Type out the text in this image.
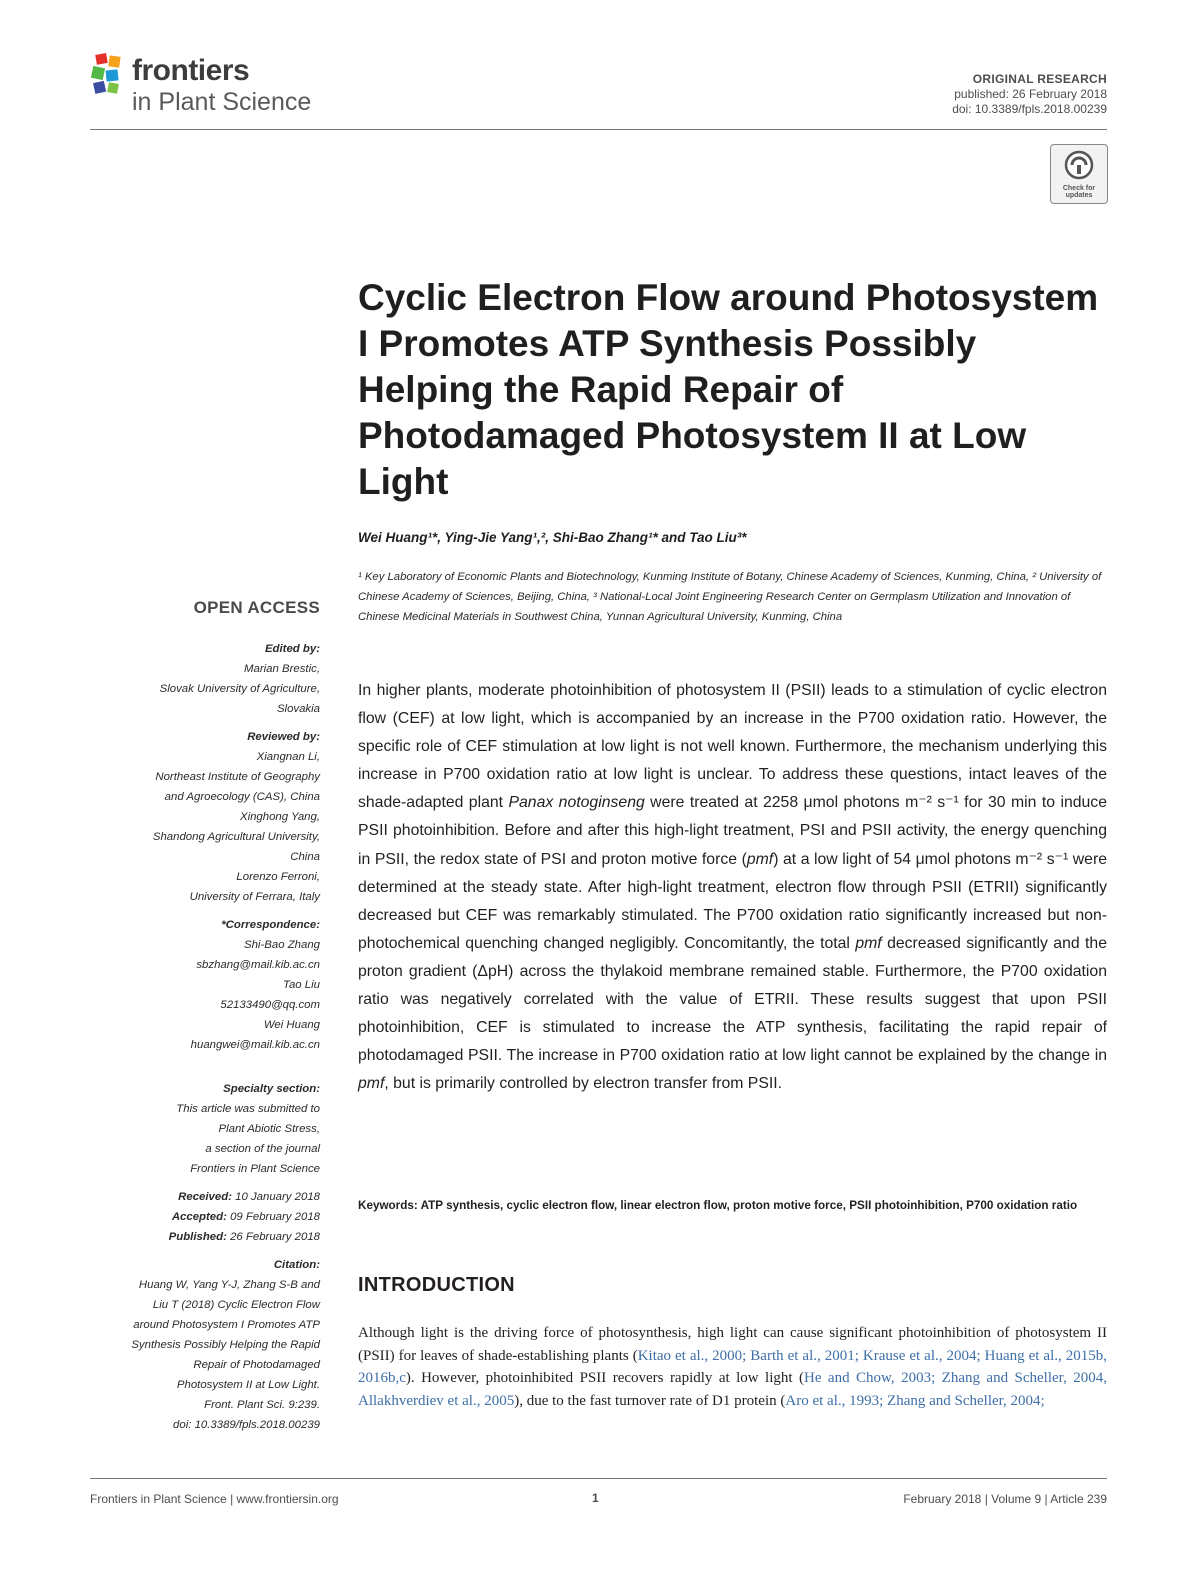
frontiers
in Plant Science
ORIGINAL RESEARCH
published: 26 February 2018
doi: 10.3389/fpls.2018.00239
Check for
updates
Cyclic Electron Flow around Photosystem I Promotes ATP Synthesis Possibly Helping the Rapid Repair of Photodamaged Photosystem II at Low Light
Wei Huang¹*, Ying-Jie Yang¹,², Shi-Bao Zhang¹* and Tao Liu³*
¹ Key Laboratory of Economic Plants and Biotechnology, Kunming Institute of Botany, Chinese Academy of Sciences, Kunming, China, ² University of Chinese Academy of Sciences, Beijing, China, ³ National-Local Joint Engineering Research Center on Germplasm Utilization and Innovation of Chinese Medicinal Materials in Southwest China, Yunnan Agricultural University, Kunming, China
OPEN ACCESS
Edited by:
Marian Brestic,
Slovak University of Agriculture,
Slovakia
Reviewed by:
Xiangnan Li,
Northeast Institute of Geography
and Agroecology (CAS), China
Xinghong Yang,
Shandong Agricultural University,
China
Lorenzo Ferroni,
University of Ferrara, Italy
*Correspondence:
Shi-Bao Zhang
sbzhang@mail.kib.ac.cn
Tao Liu
52133490@qq.com
Wei Huang
huangwei@mail.kib.ac.cn
Specialty section:
This article was submitted to
Plant Abiotic Stress,
a section of the journal
Frontiers in Plant Science
Received: 10 January 2018
Accepted: 09 February 2018
Published: 26 February 2018
Citation:
Huang W, Yang Y-J, Zhang S-B and
Liu T (2018) Cyclic Electron Flow
around Photosystem I Promotes ATP
Synthesis Possibly Helping the Rapid
Repair of Photodamaged
Photosystem II at Low Light.
Front. Plant Sci. 9:239.
doi: 10.3389/fpls.2018.00239
In higher plants, moderate photoinhibition of photosystem II (PSII) leads to a stimulation of cyclic electron flow (CEF) at low light, which is accompanied by an increase in the P700 oxidation ratio. However, the specific role of CEF stimulation at low light is not well known. Furthermore, the mechanism underlying this increase in P700 oxidation ratio at low light is unclear. To address these questions, intact leaves of the shade-adapted plant Panax notoginseng were treated at 2258 μmol photons m⁻² s⁻¹ for 30 min to induce PSII photoinhibition. Before and after this high-light treatment, PSI and PSII activity, the energy quenching in PSII, the redox state of PSI and proton motive force (pmf) at a low light of 54 μmol photons m⁻² s⁻¹ were determined at the steady state. After high-light treatment, electron flow through PSII (ETRII) significantly decreased but CEF was remarkably stimulated. The P700 oxidation ratio significantly increased but non-photochemical quenching changed negligibly. Concomitantly, the total pmf decreased significantly and the proton gradient (ΔpH) across the thylakoid membrane remained stable. Furthermore, the P700 oxidation ratio was negatively correlated with the value of ETRII. These results suggest that upon PSII photoinhibition, CEF is stimulated to increase the ATP synthesis, facilitating the rapid repair of photodamaged PSII. The increase in P700 oxidation ratio at low light cannot be explained by the change in pmf, but is primarily controlled by electron transfer from PSII.
Keywords: ATP synthesis, cyclic electron flow, linear electron flow, proton motive force, PSII photoinhibition, P700 oxidation ratio
INTRODUCTION
Although light is the driving force of photosynthesis, high light can cause significant photoinhibition of photosystem II (PSII) for leaves of shade-establishing plants (Kitao et al., 2000; Barth et al., 2001; Krause et al., 2004; Huang et al., 2015b, 2016b,c). However, photoinhibited PSII recovers rapidly at low light (He and Chow, 2003; Zhang and Scheller, 2004, Allakhverdiev et al., 2005), due to the fast turnover rate of D1 protein (Aro et al., 1993; Zhang and Scheller, 2004;
Frontiers in Plant Science | www.frontiersin.org	1	February 2018 | Volume 9 | Article 239
